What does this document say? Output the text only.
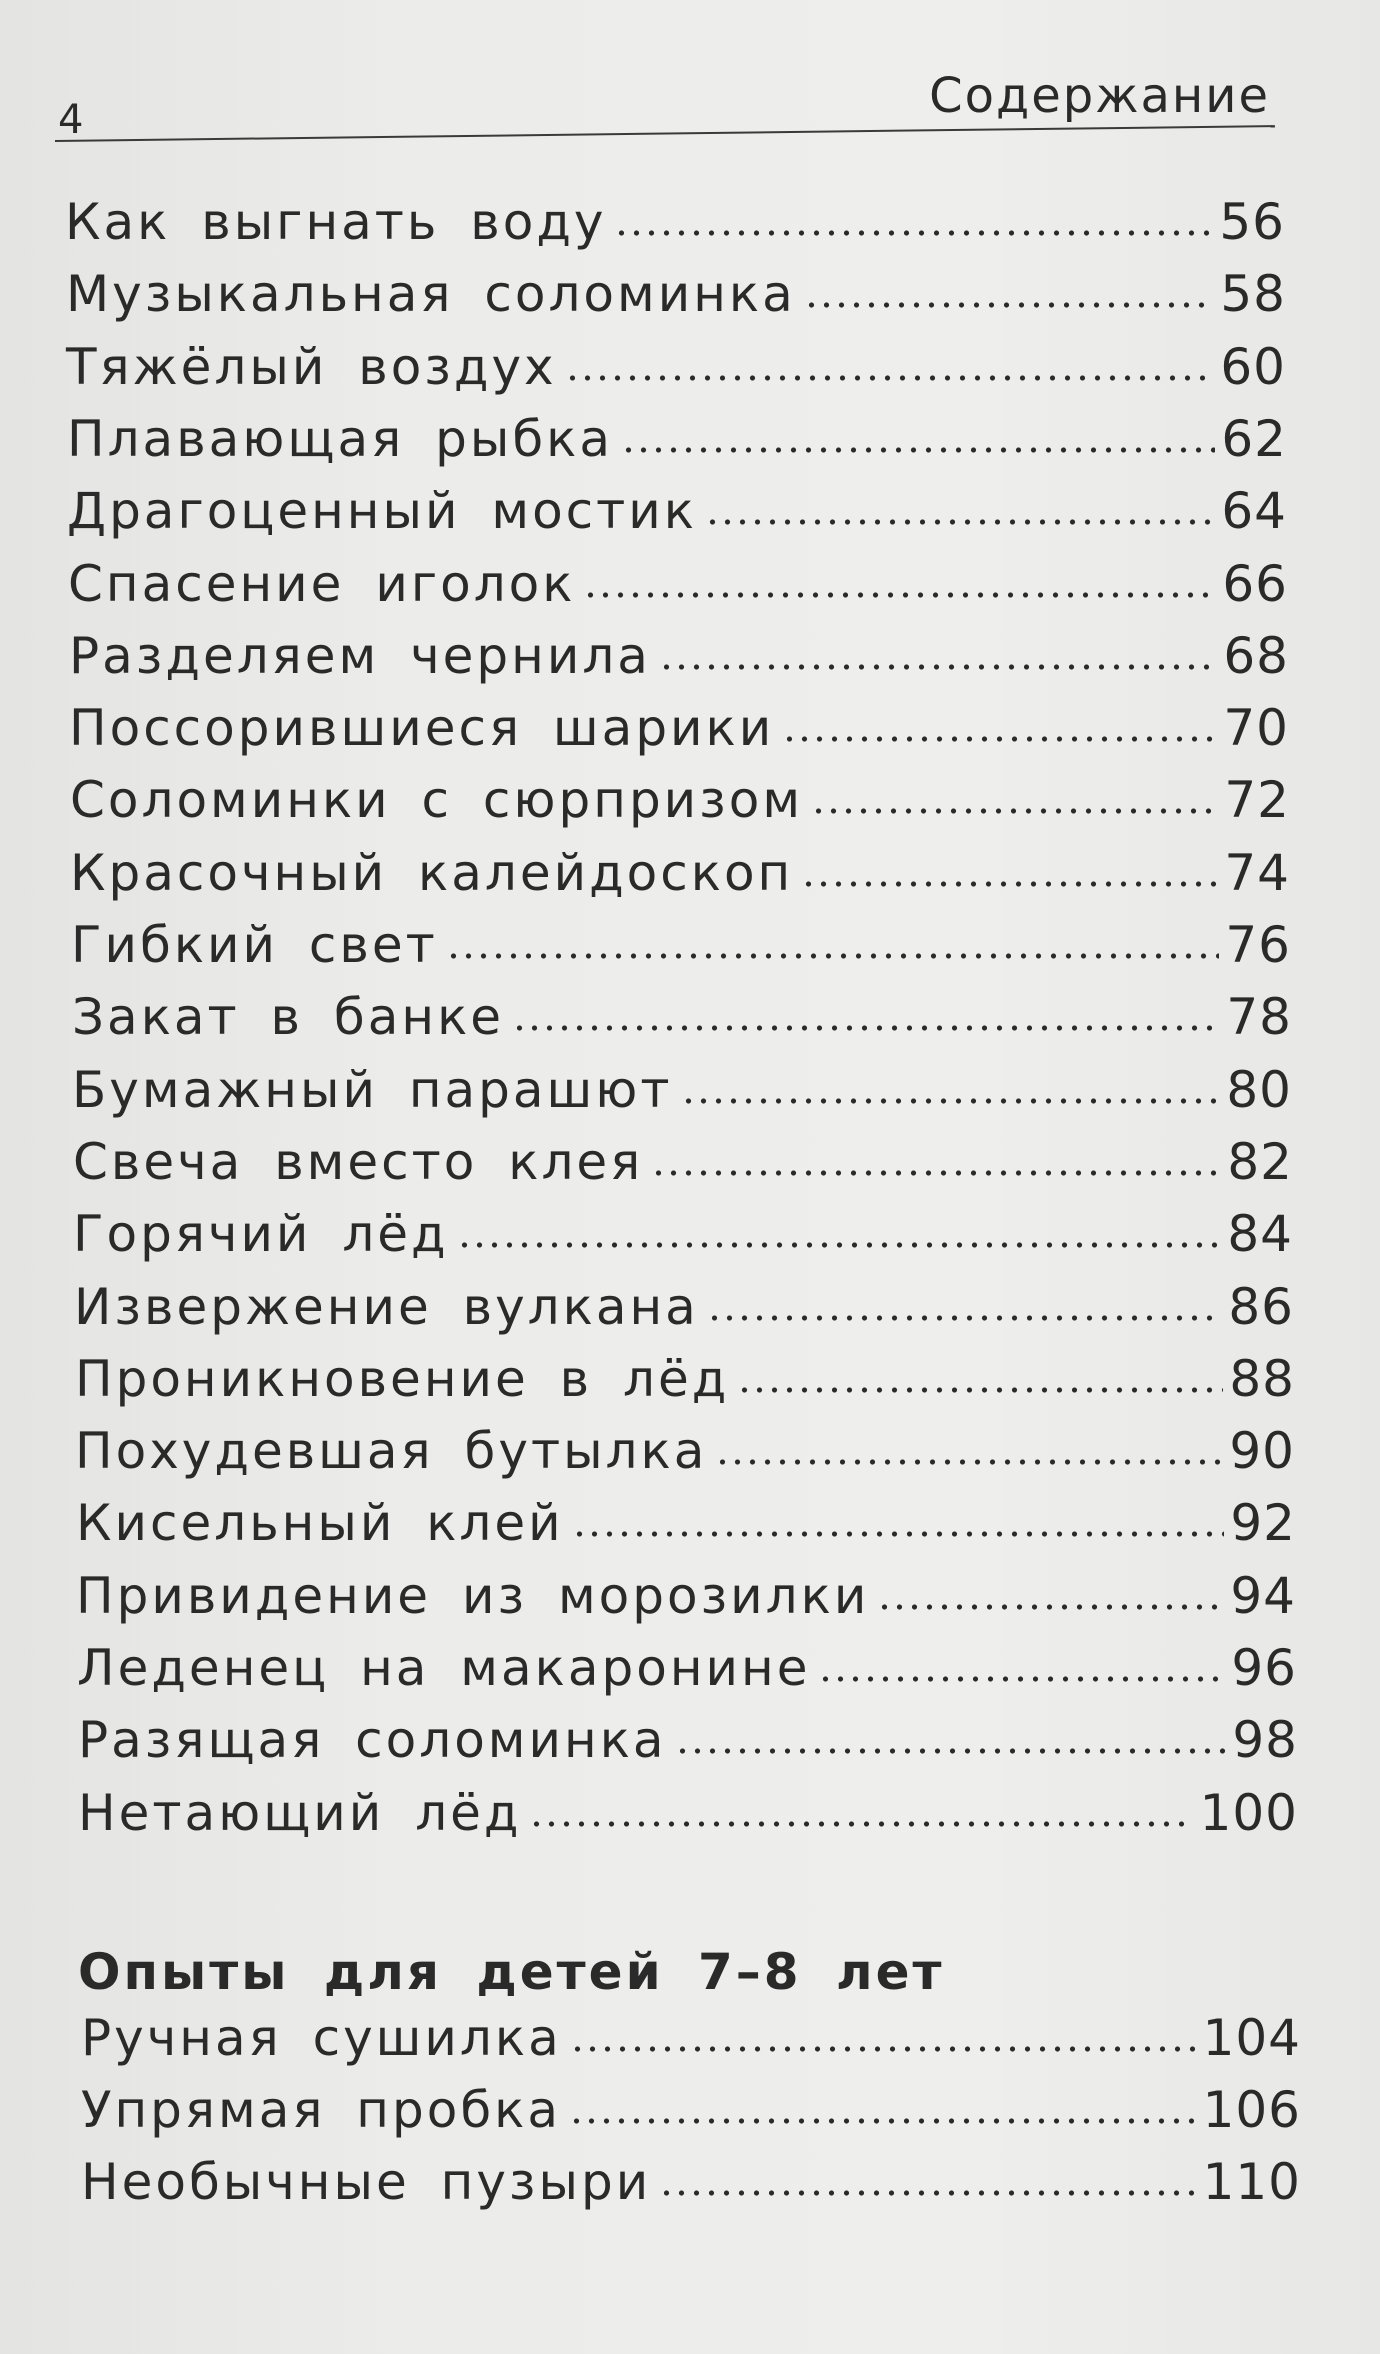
4	Содержание
Как выгнать воду	56
Музыкальная соломинка	58
Тяжёлый воздух	60
Плавающая рыбка	62
Драгоценный мостик	64
Спасение иголок	66
Разделяем чернила	68
Поссорившиеся шарики	70
Соломинки с сюрпризом	72
Красочный калейдоскоп	74
Гибкий свет	76
Закат в банке	78
Бумажный парашют	80
Свеча вместо клея	82
Горячий лёд	84
Извержение вулкана	86
Проникновение в лёд	88
Похудевшая бутылка	90
Кисельный клей	92
Привидение из морозилки	94
Леденец на макаронине	96
Разящая соломинка	98
Нетающий лёд	100
Ручная сушилка	104
Упрямая пробка	106
Необычные пузыри	110
Опыты для детей 7–8 лет
